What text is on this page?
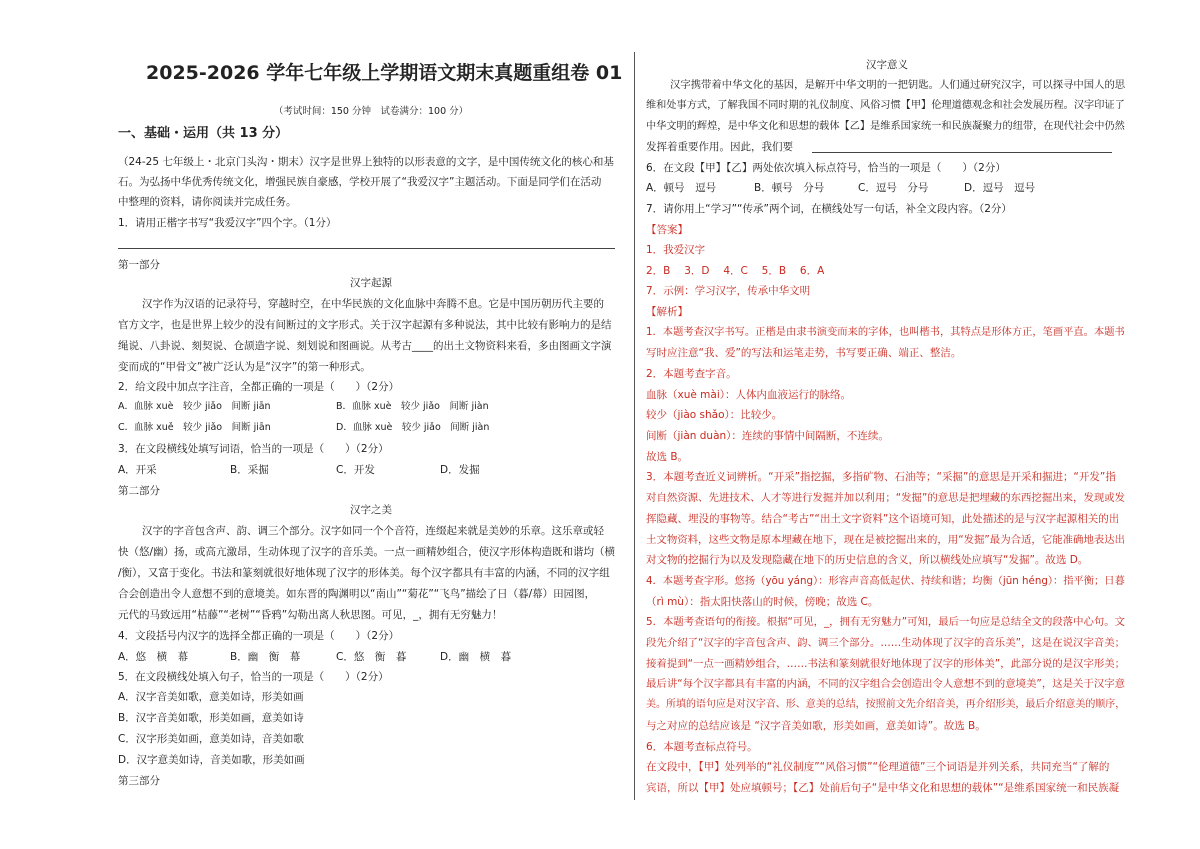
2025-2026 学年七年级上学期语文期末真题重组卷 01
（考试时间：150 分钟　试卷满分：100 分）
一、基础・运用（共 13 分）
（24-25 七年级上・北京门头沟・期末）汉字是世界上独特的以形表意的文字，是中国传统文化的核心和基
石。为弘扬中华优秀传统文化，增强民族自豪感，学校开展了“我爱汉字”主题活动。下面是同学们在活动
中整理的资料，请你阅读并完成任务。
1．请用正楷字书写“我爱汉字”四个字。（1分）
第一部分
汉字起源
汉字作为汉语的记录符号，穿越时空，在中华民族的文化血脉中奔腾不息。它是中国历朝历代主要的
官方文字，也是世界上较少的没有间断过的文字形式。关于汉字起源有多种说法，其中比较有影响力的是结
绳说、八卦说、刻契说、仓颉造字说、刻划说和图画说。从考古____的出土文物资料来看，多由图画文字演
变而成的“甲骨文”被广泛认为是“汉字”的第一种形式。
2．给文段中加点字注音，全都正确的一项是（　　）（2分）
A．血脉 xuè　较少 jiǎo　间断 jiān	B．血脉 xuè　较少 jiǎo　间断 jiàn
C．血脉 xuě　较少 jiǎo　间断 jiān	D．血脉 xuè　较少 jiǎo　间断 jiàn
3．在文段横线处填写词语，恰当的一项是（　　）（2分）
A．开采	B．采掘	C．开发	D．发掘
第二部分
汉字之美
汉字的字音包含声、韵、调三个部分。汉字如同一个个音符，连缀起来就是美妙的乐章。这乐章或轻
快（悠/幽）扬，或高亢激昂，生动体现了汉字的音乐美。一点一画精妙组合，使汉字形体构造既和谐均（横
/衡），又富于变化。书法和篆刻就很好地体现了汉字的形体美。每个汉字都具有丰富的内涵，不同的汉字组
合会创造出令人意想不到的意境美。如东晋的陶渊明以“南山”“菊花”“飞鸟”描绘了日（暮/幕）田园图，
元代的马致远用“枯藤”“老树”“昏鸦”勾勒出离人秋思图。可见，_，拥有无穷魅力！
4．文段括号内汉字的选择全都正确的一项是（　　）（2分）
A．悠　横　幕	B．幽　衡　幕	C．悠　衡　暮	D．幽　横　暮
5．在文段横线处填入句子，恰当的一项是（　　）（2分）
A．汉字音美如歌，意美如诗，形美如画
B．汉字音美如歌，形美如画，意美如诗
C．汉字形美如画，意美如诗，音美如歌
D．汉字意美如诗，音美如歌，形美如画
第三部分
汉字意义
汉字携带着中华文化的基因，是解开中华文明的一把钥匙。人们通过研究汉字，可以探寻中国人的思
维和处事方式，了解我国不同时期的礼仪制度、风俗习惯【甲】伦理道德观念和社会发展历程。汉字印证了
中华文明的辉煌，是中华文化和思想的载体【乙】是维系国家统一和民族凝聚力的纽带，在现代社会中仍然
发挥着重要作用。因此，我们要
6．在文段【甲】【乙】两处依次填入标点符号，恰当的一项是（　　）（2分）
A．顿号　逗号	B．顿号　分号	C．逗号　分号	D．逗号　逗号
7．请你用上“学习”“传承”两个词，在横线处写一句话，补全文段内容。（2分）
【答案】
1．我爱汉字
2．B　 3．D　 4．C　 5．B　 6．A
7．示例：学习汉字，传承中华文明
【解析】
1．本题考查汉字书写。正楷是由隶书演变而来的字体，也叫楷书，其特点是形体方正，笔画平直。本题书
写时应注意“我、爱”的写法和运笔走势，书写要正确、端正、整洁。
2．本题考查字音。
血脉（xuè mài）：人体内血液运行的脉络。
较少（jiào shǎo）：比较少。
间断（jiàn duàn）：连续的事情中间隔断，不连续。
故选 B。
3．本题考查近义词辨析。“开采”指挖掘，多指矿物、石油等；“采掘”的意思是开采和掘进；“开发”指
对自然资源、先进技术、人才等进行发掘并加以利用；“发掘”的意思是把埋藏的东西挖掘出来，发现或发
挥隐藏、埋没的事物等。结合“考古”“出土文字资料”这个语境可知，此处描述的是与汉字起源相关的出
土文物资料，这些文物是原本埋藏在地下，现在是被挖掘出来的，用“发掘”最为合适，它能准确地表达出
对文物的挖掘行为以及发现隐藏在地下的历史信息的含义，所以横线处应填写“发掘”。故选 D。
4．本题考查字形。悠扬（yōu yáng）：形容声音高低起伏、持续和谐；均衡（jūn héng）：指平衡；日暮
（rì mù）：指太阳快落山的时候，傍晚；故选 C。
5．本题考查语句的衔接。根据“可见，_，拥有无穷魅力”可知，最后一句应是总结全文的段落中心句。文
段先介绍了“汉字的字音包含声、韵、调三个部分。……生动体现了汉字的音乐美”，这是在说汉字音美；
接着提到“一点一画精妙组合，……书法和篆刻就很好地体现了汉字的形体美”，此部分说的是汉字形美；
最后讲“每个汉字都具有丰富的内涵，不同的汉字组合会创造出令人意想不到的意境美”，这是关于汉字意
美。所填的语句应是对汉字音、形、意美的总结，按照前文先介绍音美，再介绍形美，最后介绍意美的顺序，
与之对应的总结应该是 “汉字音美如歌，形美如画，意美如诗”。故选 B。
6．本题考查标点符号。
在文段中，【甲】处列举的“礼仪制度”“风俗习惯”“伦理道德”三个词语是并列关系，共同充当“了解的
宾语，所以【甲】处应填顿号；【乙】处前后句子“是中华文化和思想的载体”“是维系国家统一和民族凝
